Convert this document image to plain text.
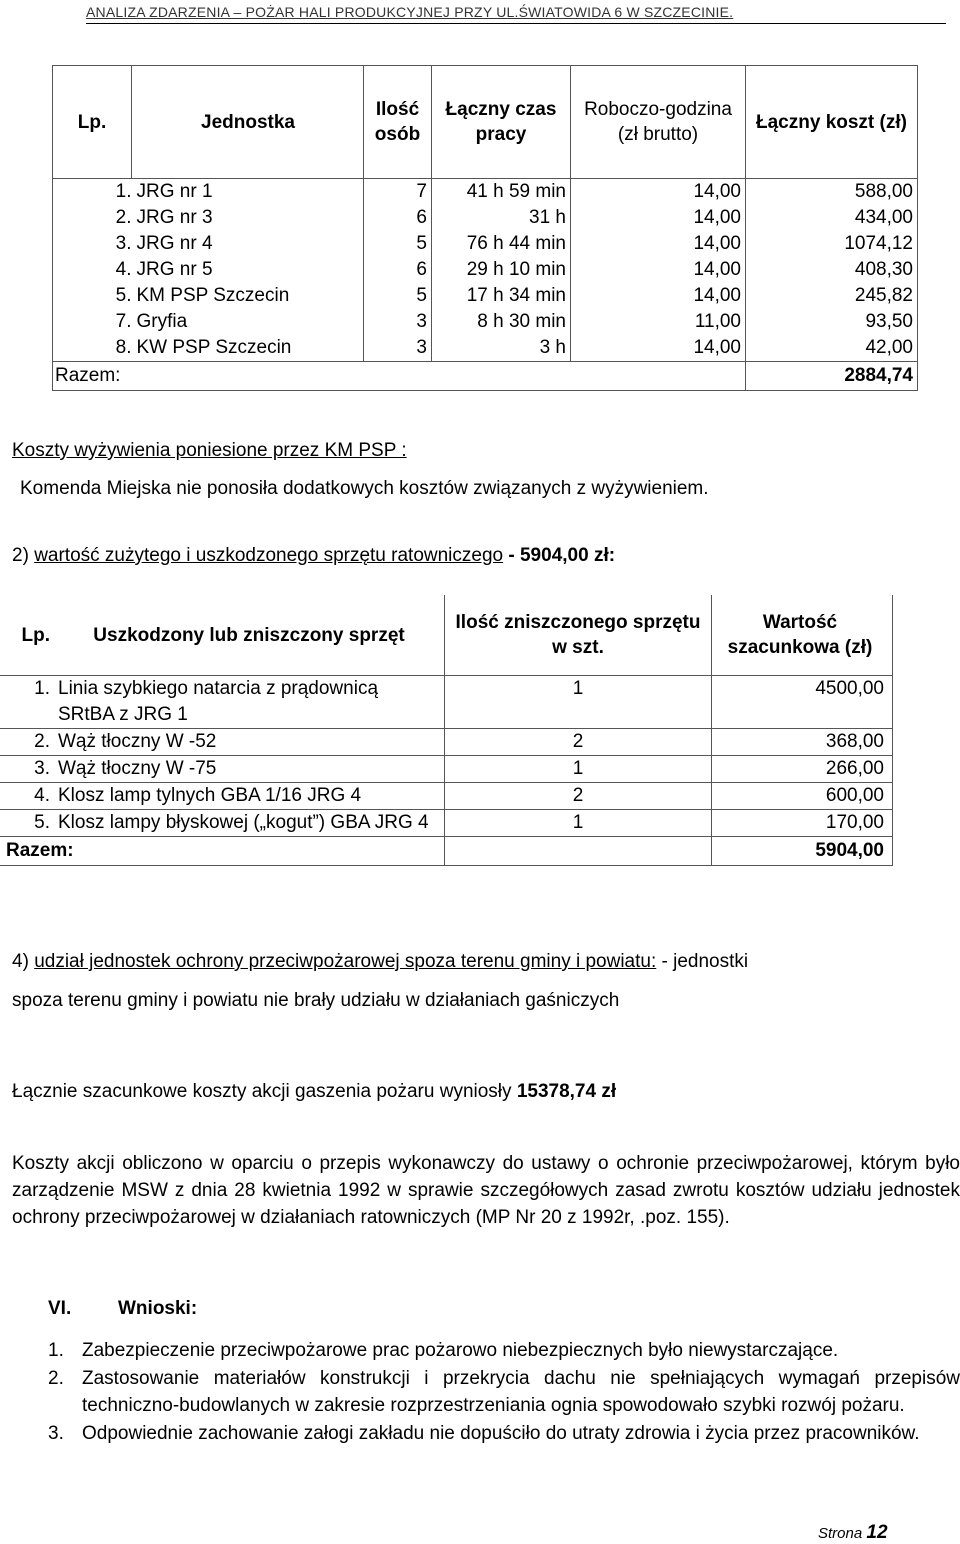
ANALIZA ZDARZENIA – POŻAR HALI PRODUKCYJNEJ PRZY UL.ŚWIATOWIDA 6 W SZCZECINIE.
Lp.	Jednostka	Ilość osób	Łączny czas pracy	Roboczo-godzina (zł brutto)	Łączny koszt (zł)
1.	JRG nr 1	7	41 h 59 min	14,00	588,00
2.	JRG nr 3	6	31 h	14,00	434,00
3.	JRG nr 4	5	76 h 44 min	14,00	1074,12
4.	JRG nr 5	6	29 h 10 min	14,00	408,30
5.	KM PSP Szczecin	5	17 h 34 min	14,00	245,82
7.	Gryfia	3	8 h 30 min	11,00	93,50
8.	KW PSP Szczecin	3	3 h	14,00	42,00
Razem:					2884,74
Koszty wyżywienia poniesione przez KM PSP :
Komenda Miejska nie ponosiła dodatkowych kosztów związanych z wyżywieniem.
2) wartość zużytego i uszkodzonego sprzętu ratowniczego - 5904,00 zł:
Lp.	Uszkodzony lub zniszczony sprzęt	Ilość zniszczonego sprzętu w szt.	Wartość szacunkowa (zł)
1.	Linia szybkiego natarcia z prądownicą SRtBA z JRG 1	1	4500,00
2.	Wąż tłoczny W -52	2	368,00
3.	Wąż tłoczny W -75	1	266,00
4.	Klosz lamp tylnych GBA 1/16 JRG 4	2	600,00
5.	Klosz lampy błyskowej („kogut”) GBA JRG 4	1	170,00
Razem:			5904,00
4) udział jednostek ochrony przeciwpożarowej spoza terenu gminy i powiatu: - jednostki
spoza terenu gminy i powiatu nie brały udziału w działaniach gaśniczych
Łącznie szacunkowe koszty akcji gaszenia pożaru wyniosły 15378,74 zł
Koszty akcji obliczono w oparciu o przepis wykonawczy do ustawy o ochronie przeciwpożarowej, którym było zarządzenie MSW z dnia 28 kwietnia 1992 w sprawie szczegółowych zasad zwrotu kosztów udziału jednostek ochrony przeciwpożarowej w działaniach ratowniczych (MP Nr 20 z 1992r, .poz. 155).
VI. Wnioski:
1. Zabezpieczenie przeciwpożarowe prac pożarowo niebezpiecznych było niewystarczające.
2. Zastosowanie materiałów konstrukcji i przekrycia dachu nie spełniających wymagań przepisów techniczno-budowlanych w zakresie rozprzestrzeniania ognia spowodowało szybki rozwój pożaru.
3. Odpowiednie zachowanie załogi zakładu nie dopuściło do utraty zdrowia i życia przez pracowników.
Strona 12
